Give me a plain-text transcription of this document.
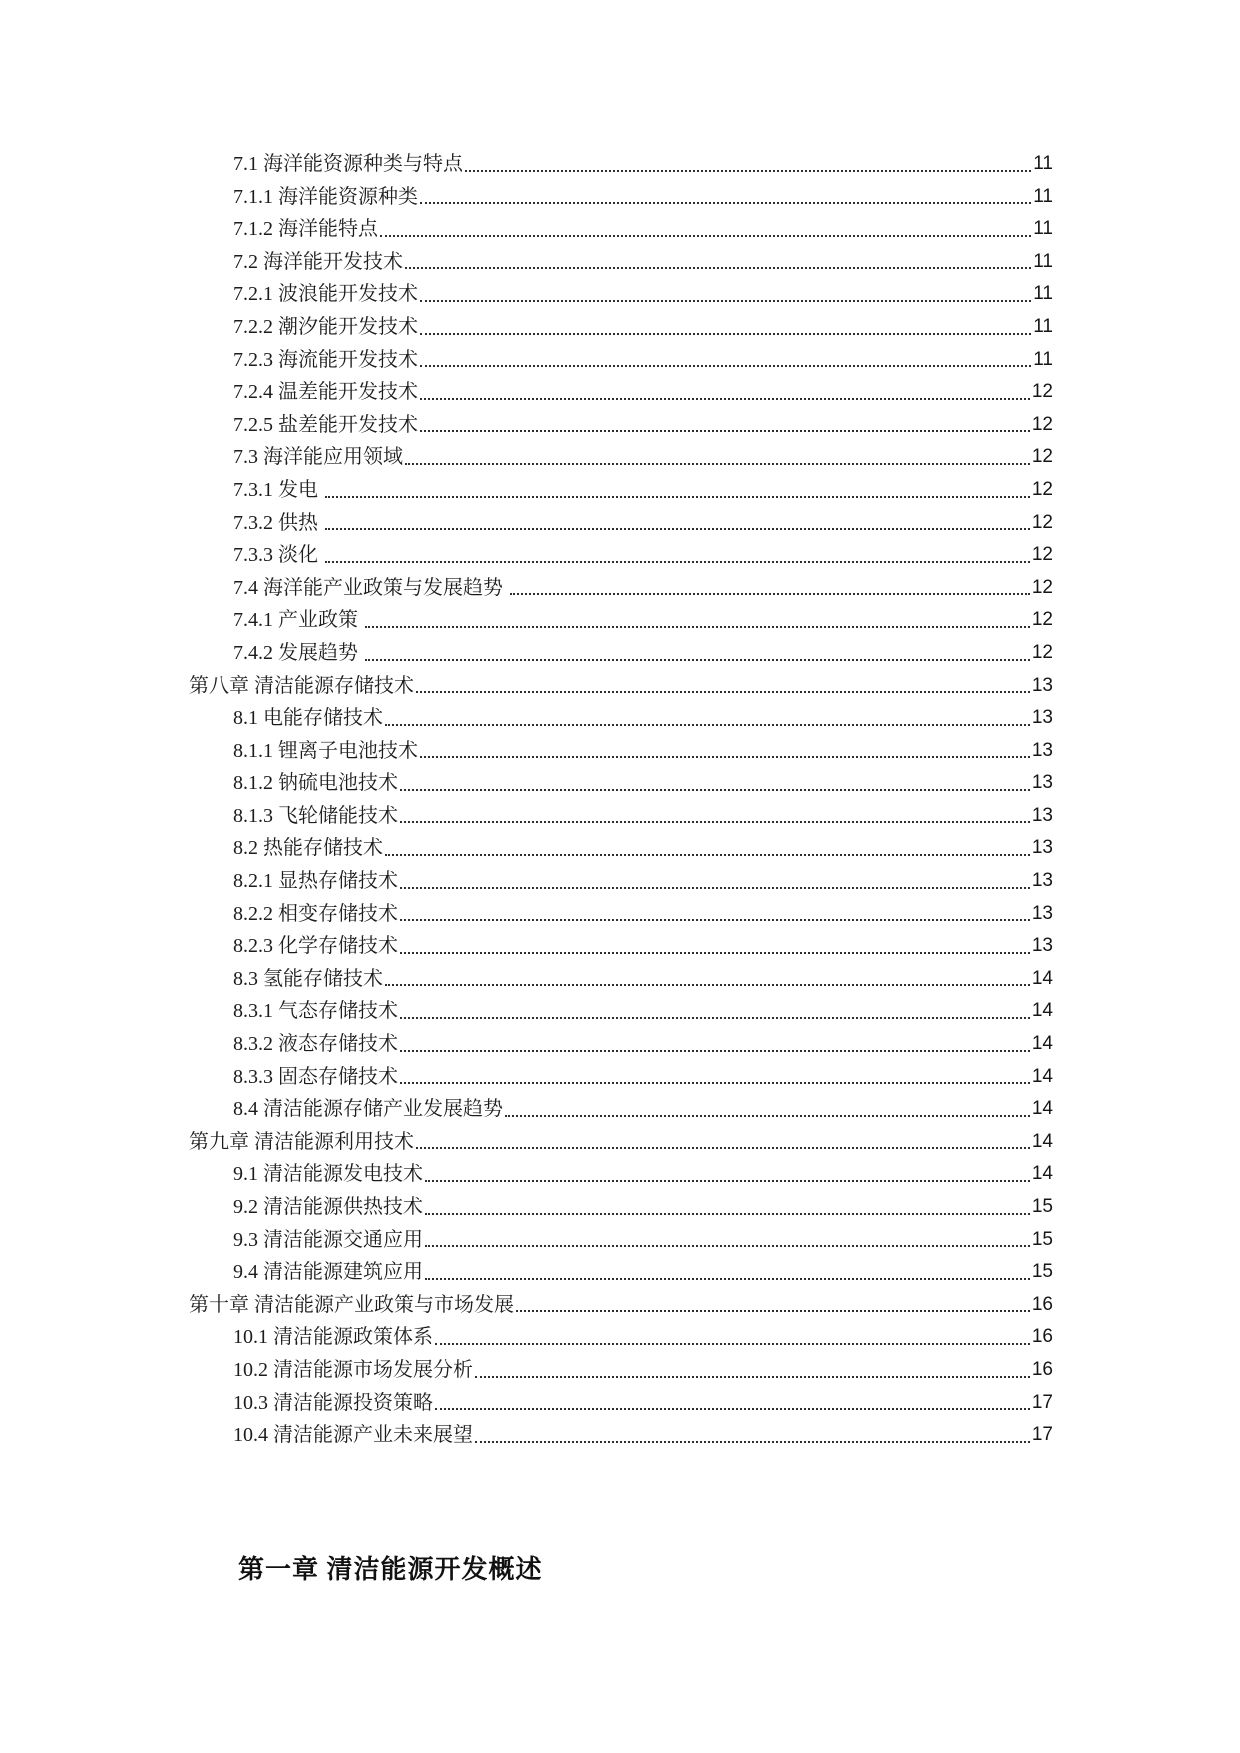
7.1 海洋能资源种类与特点	11
7.1.1 海洋能资源种类	11
7.1.2 海洋能特点	11
7.2 海洋能开发技术	11
7.2.1 波浪能开发技术	11
7.2.2 潮汐能开发技术	11
7.2.3 海流能开发技术	11
7.2.4 温差能开发技术	12
7.2.5 盐差能开发技术	12
7.3 海洋能应用领域	12
7.3.1 发电	12
7.3.2 供热	12
7.3.3 淡化	12
7.4 海洋能产业政策与发展趋势	12
7.4.1 产业政策	12
7.4.2 发展趋势	12
第八章 清洁能源存储技术	13
8.1 电能存储技术	13
8.1.1 锂离子电池技术	13
8.1.2 钠硫电池技术	13
8.1.3 飞轮储能技术	13
8.2 热能存储技术	13
8.2.1 显热存储技术	13
8.2.2 相变存储技术	13
8.2.3 化学存储技术	13
8.3 氢能存储技术	14
8.3.1 气态存储技术	14
8.3.2 液态存储技术	14
8.3.3 固态存储技术	14
8.4 清洁能源存储产业发展趋势	14
第九章 清洁能源利用技术	14
9.1 清洁能源发电技术	14
9.2 清洁能源供热技术	15
9.3 清洁能源交通应用	15
9.4 清洁能源建筑应用	15
第十章 清洁能源产业政策与市场发展	16
10.1 清洁能源政策体系	16
10.2 清洁能源市场发展分析	16
10.3 清洁能源投资策略	17
10.4 清洁能源产业未来展望	17
第一章 清洁能源开发概述
